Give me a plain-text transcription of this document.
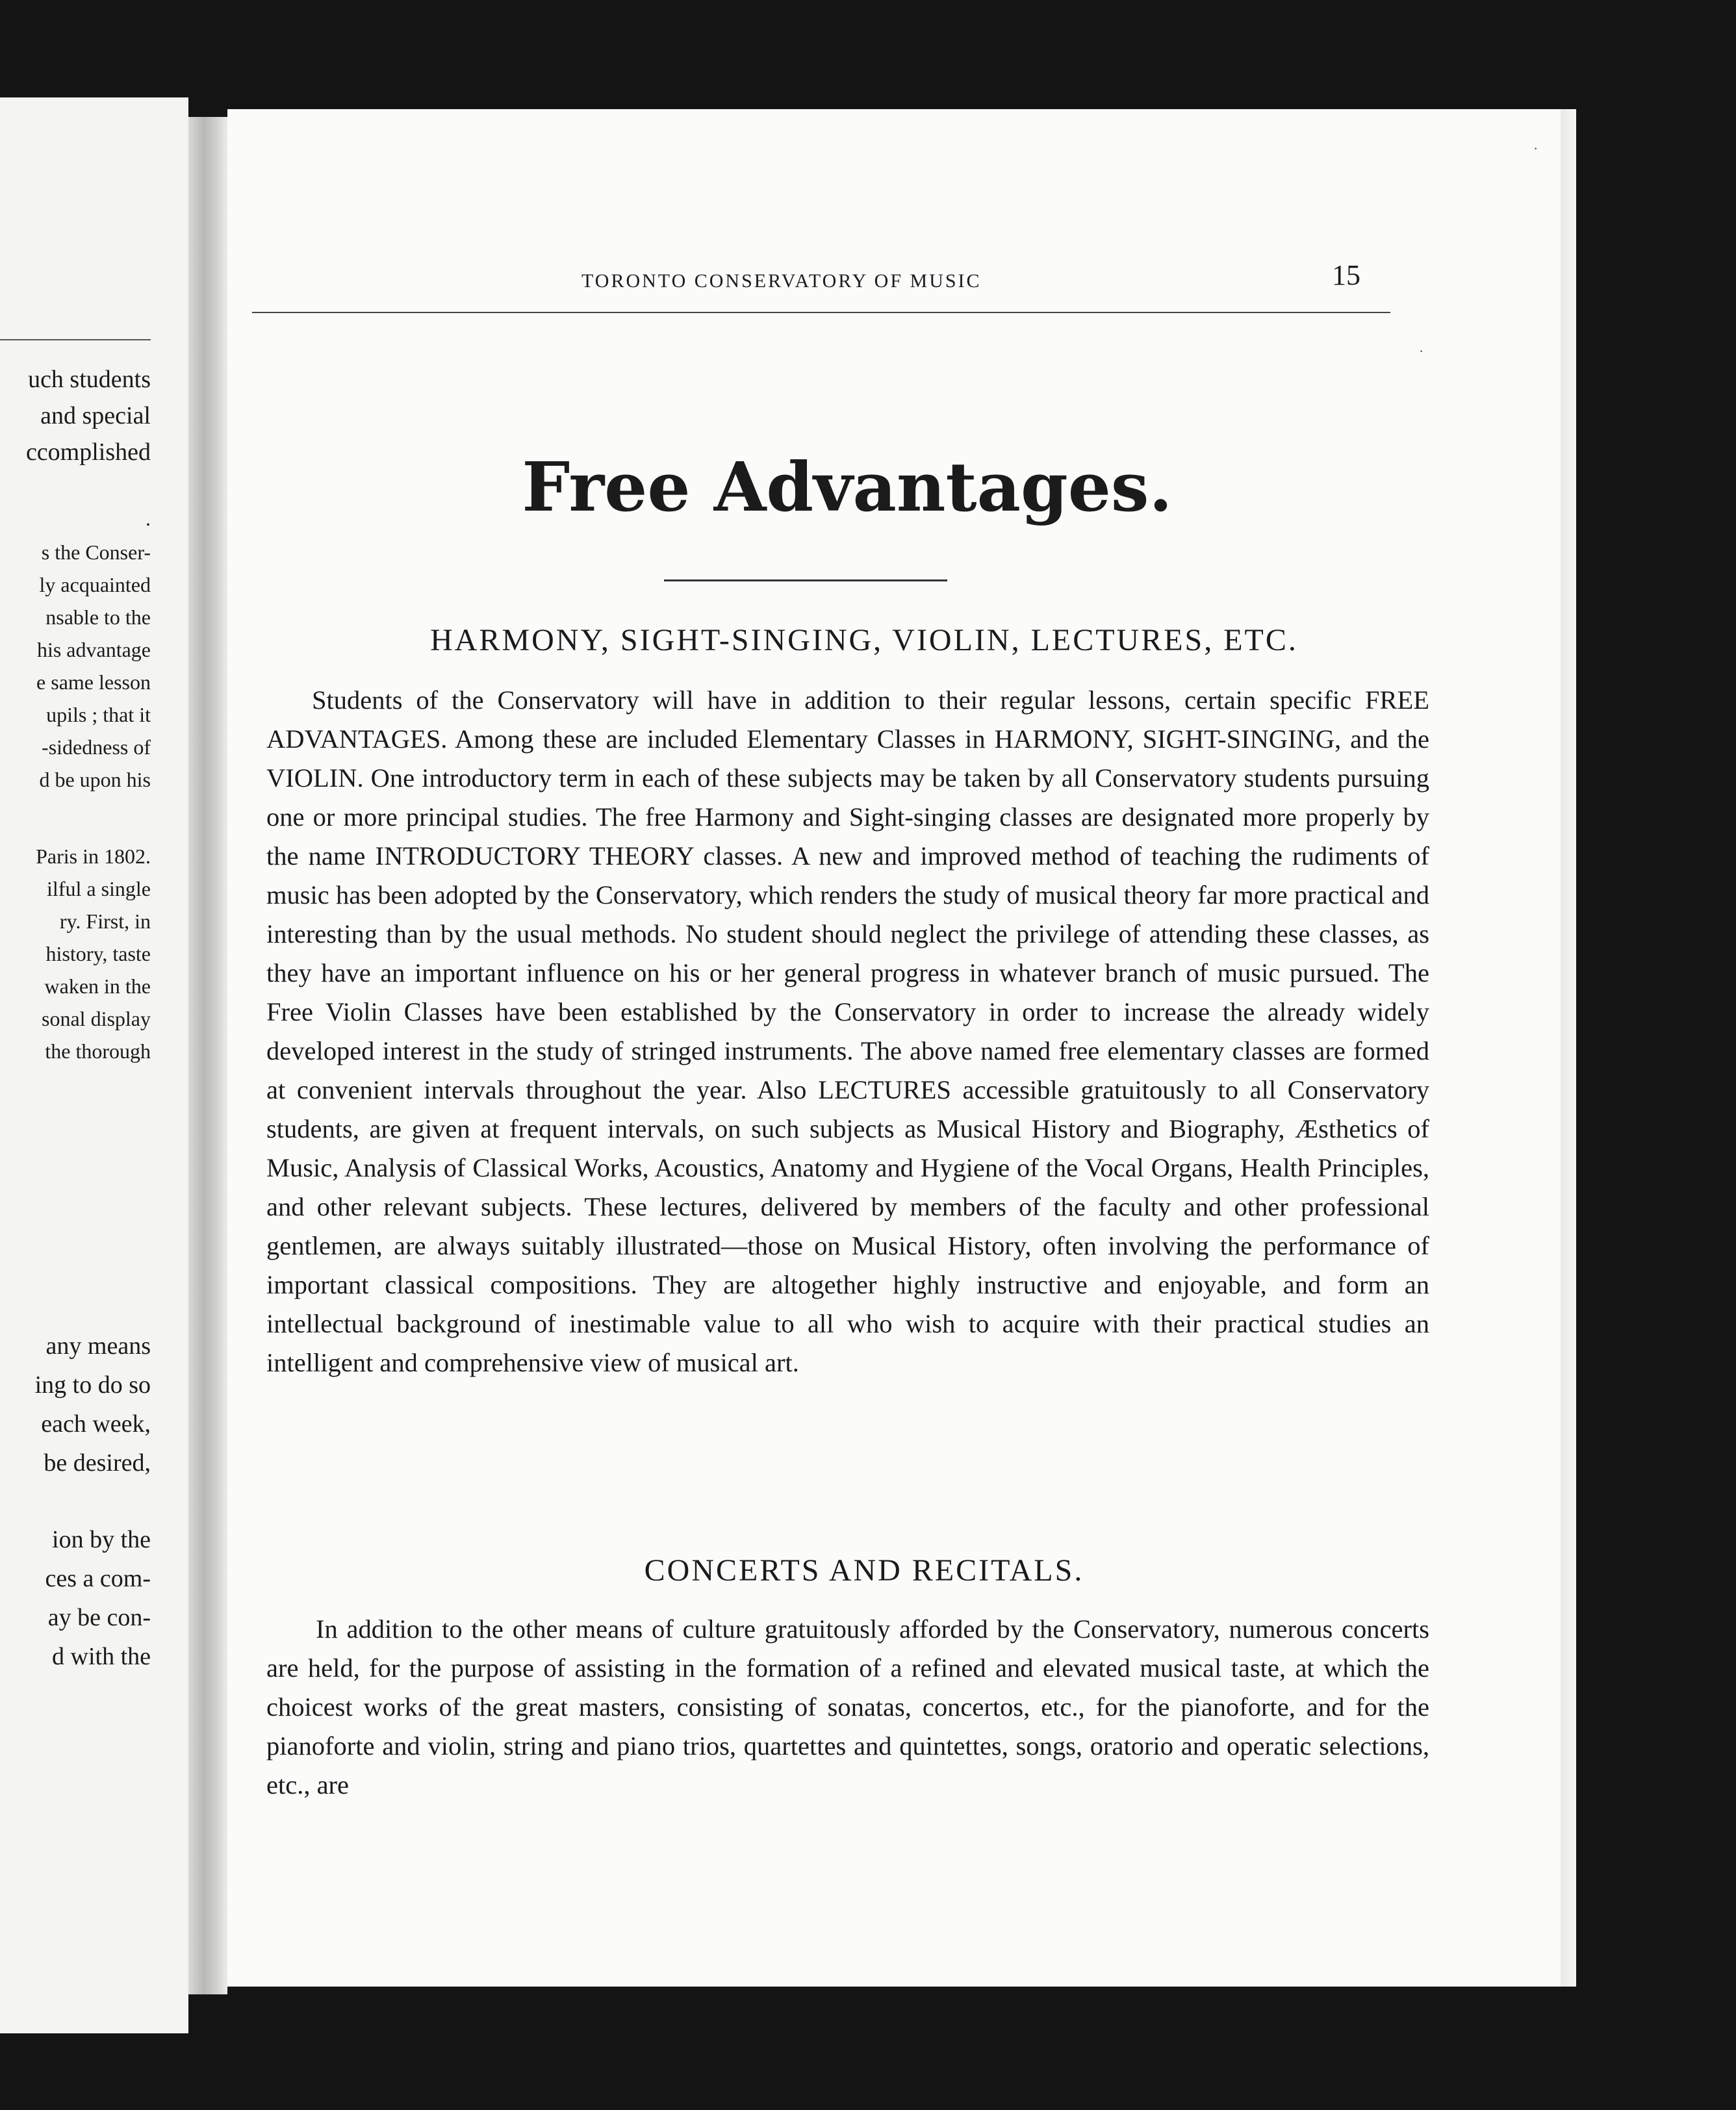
uch students
and special
ccomplished
.
s the Conser-
ly acquainted
nsable to the
his advantage
e same lesson
upils ; that it
-sidedness of
d be upon his
Paris in 1802.
ilful a single
ry. First, in
history, taste
waken in the
sonal display
the thorough
any means
ing to do so
each week,
be desired,
ion by the
ces a com-
ay be con-
d with the
TORONTO CONSERVATORY OF MUSIC	15
Free Advantages.
HARMONY, SIGHT-SINGING, VIOLIN, LECTURES, ETC.

Students of the Conservatory will have in addition to their regular lessons, certain specific FREE ADVANTAGES. Among these are included Elementary Classes in HARMONY, SIGHT-SINGING, and the VIOLIN. One introductory term in each of these subjects may be taken by all Conservatory students pursuing one or more principal studies. The free Harmony and Sight-singing classes are designated more properly by the name INTRODUCTORY THEORY classes. A new and improved method of teaching the rudiments of music has been adopted by the Conservatory, which renders the study of musical theory far more practical and interesting than by the usual methods. No student should neglect the privilege of attending these classes, as they have an important influence on his or her general progress in whatever branch of music pursued. The Free Violin Classes have been established by the Conservatory in order to increase the already widely developed interest in the study of stringed instruments. The above named free elementary classes are formed at convenient intervals throughout the year. Also LECTURES accessible gratuitously to all Conservatory students, are given at frequent intervals, on such subjects as Musical History and Biography, Æsthetics of Music, Analysis of Classical Works, Acoustics, Anatomy and Hygiene of the Vocal Organs, Health Principles, and other relevant subjects. These lectures, delivered by members of the faculty and other professional gentlemen, are always suitably illustrated—those on Musical History, often involving the performance of important classical compositions. They are altogether highly instructive and enjoyable, and form an intellectual background of inestimable value to all who wish to acquire with their practical studies an intelligent and comprehensive view of musical art.

CONCERTS AND RECITALS.

In addition to the other means of culture gratuitously afforded by the Conservatory, numerous concerts are held, for the purpose of assisting in the formation of a refined and elevated musical taste, at which the choicest works of the great masters, consisting of sonatas, concertos, etc., for the pianoforte, and for the pianoforte and violin, string and piano trios, quartettes and quintettes, songs, oratorio and operatic selections, etc., are

·
·
